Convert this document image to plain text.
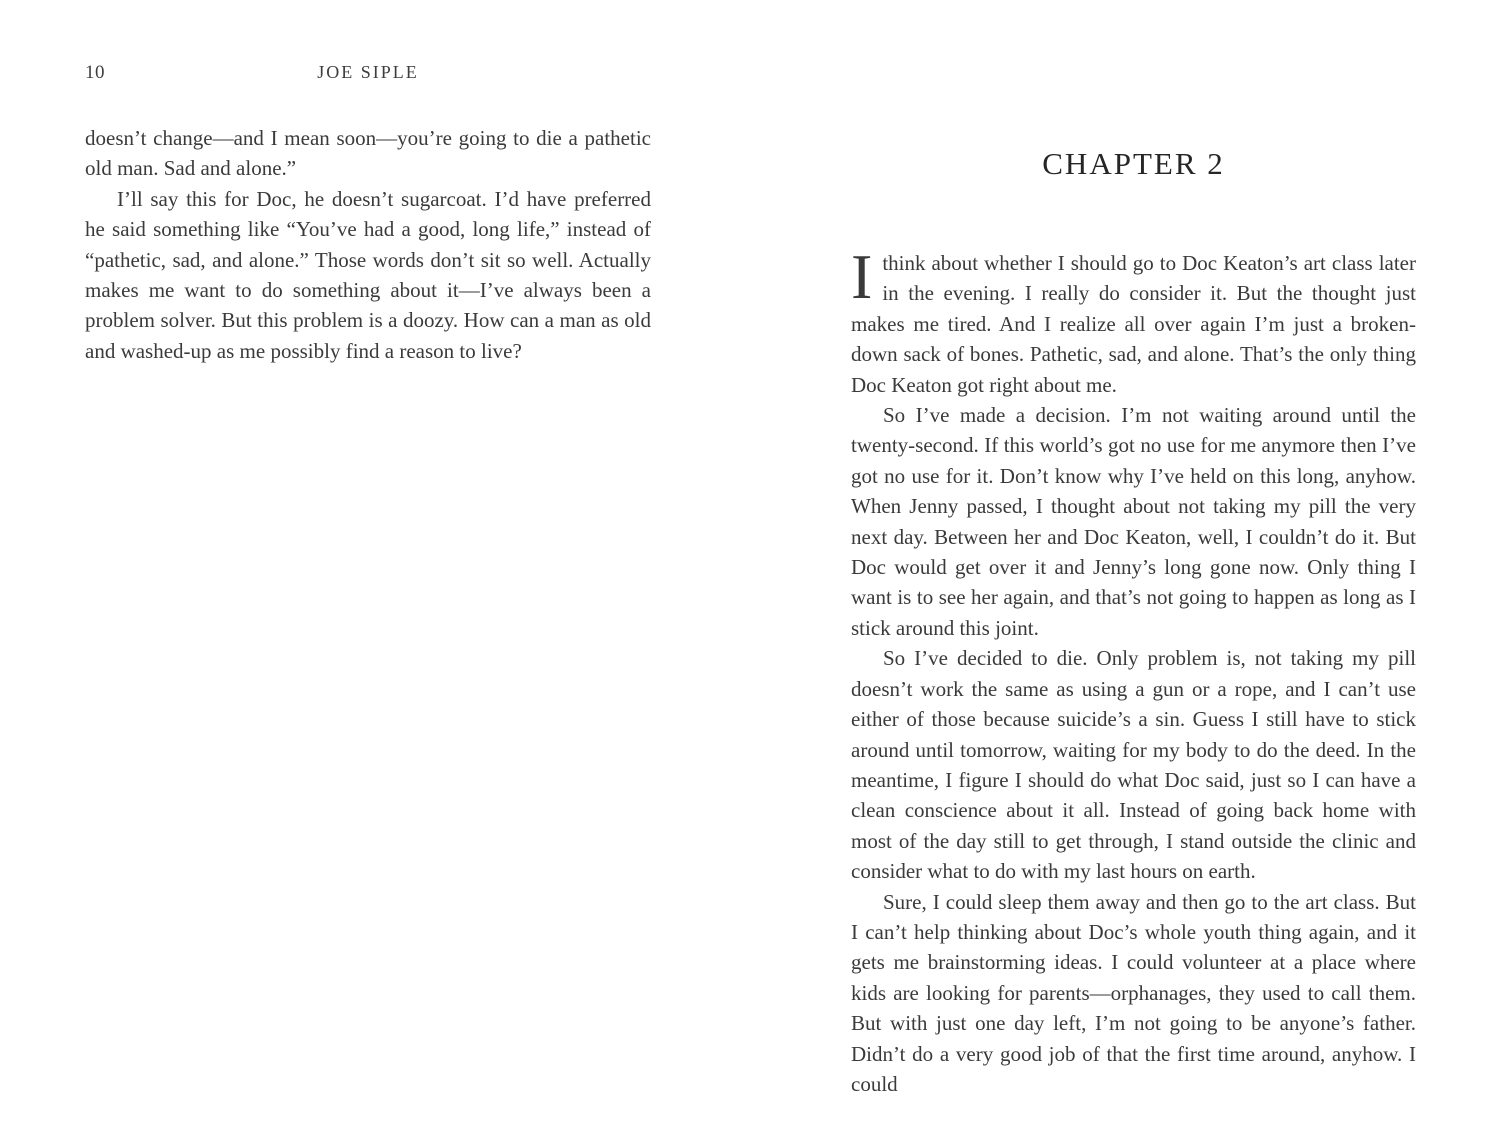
10	JOE SIPLE

doesn’t change—and I mean soon—you’re going to die a pathetic old man. Sad and alone.”

I’ll say this for Doc, he doesn’t sugarcoat. I’d have preferred he said something like “You’ve had a good, long life,” instead of “pathetic, sad, and alone.” Those words don’t sit so well. Actually makes me want to do something about it—I’ve always been a problem solver. But this problem is a doozy. How can a man as old and washed-up as me possibly find a reason to live?

CHAPTER 2

Ithink about whether I should go to Doc Keaton’s art class later in the evening. I really do consider it. But the thought just makes me tired. And I realize all over again I’m just a broken-down sack of bones. Pathetic, sad, and alone. That’s the only thing Doc Keaton got right about me.

So I’ve made a decision. I’m not waiting around until the twenty-second. If this world’s got no use for me anymore then I’ve got no use for it. Don’t know why I’ve held on this long, anyhow. When Jenny passed, I thought about not taking my pill the very next day. Between her and Doc Keaton, well, I couldn’t do it. But Doc would get over it and Jenny’s long gone now. Only thing I want is to see her again, and that’s not going to happen as long as I stick around this joint.

So I’ve decided to die. Only problem is, not taking my pill doesn’t work the same as using a gun or a rope, and I can’t use either of those because suicide’s a sin. Guess I still have to stick around until tomorrow, waiting for my body to do the deed. In the meantime, I figure I should do what Doc said, just so I can have a clean conscience about it all. Instead of going back home with most of the day still to get through, I stand outside the clinic and consider what to do with my last hours on earth.

Sure, I could sleep them away and then go to the art class. But I can’t help thinking about Doc’s whole youth thing again, and it gets me brainstorming ideas. I could volunteer at a place where kids are looking for parents—orphanages, they used to call them. But with just one day left, I’m not going to be anyone’s father. Didn’t do a very good job of that the first time around, anyhow. I could
